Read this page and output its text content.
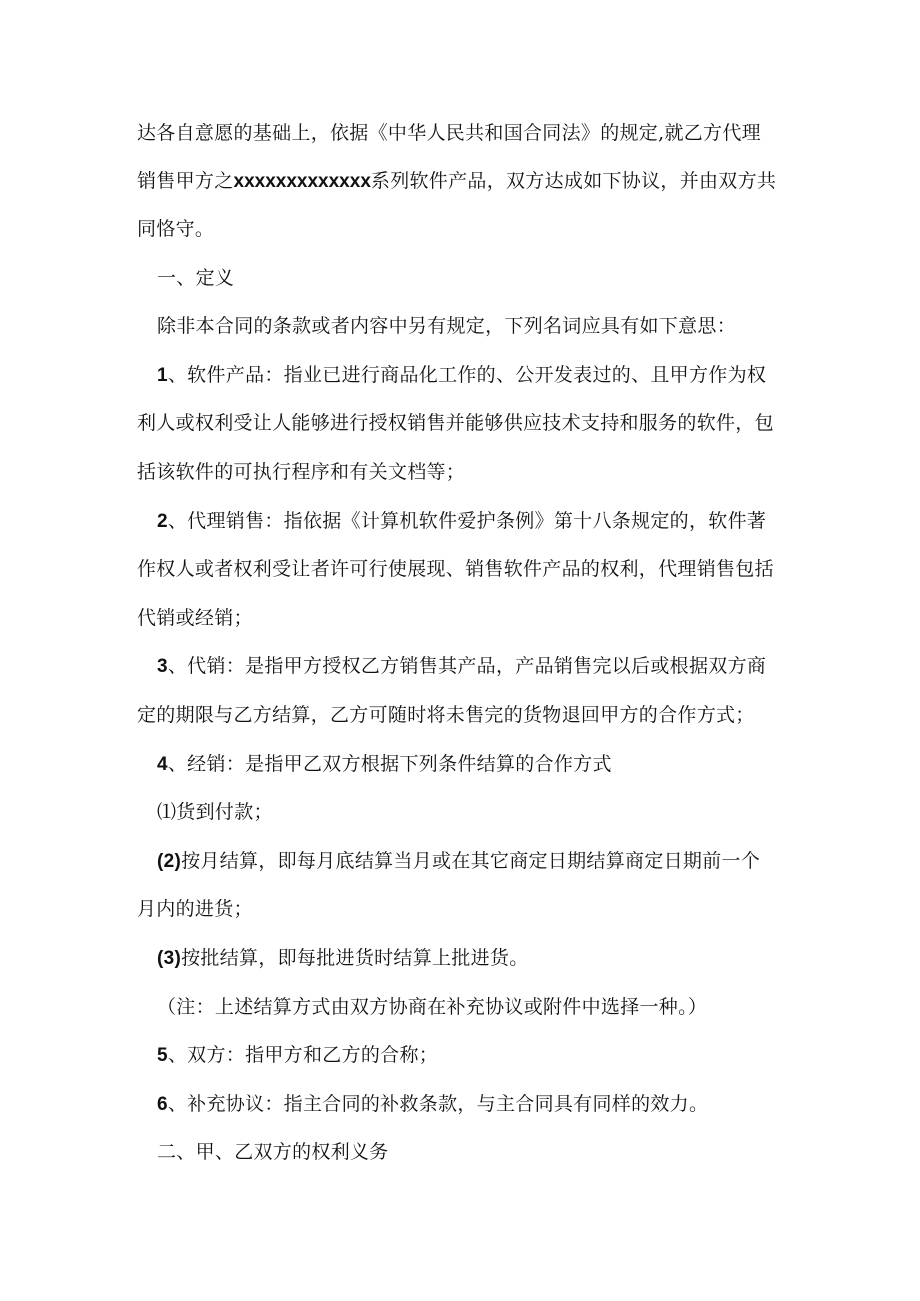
达各自意愿的基础上，依据《中华人民共和国合同法》的规定,就乙方代理
销售甲方之xxxxxxxxxxxxx系列软件产品，双方达成如下协议，并由双方共
同恪守。
一、定义
除非本合同的条款或者内容中另有规定，下列名词应具有如下意思：
1、软件产品：指业已进行商品化工作的、公开发表过的、且甲方作为权
利人或权利受让人能够进行授权销售并能够供应技术支持和服务的软件，包
括该软件的可执行程序和有关文档等；
2、代理销售：指依据《计算机软件爱护条例》第十八条规定的，软件著
作权人或者权利受让者许可行使展现、销售软件产品的权利，代理销售包括
代销或经销；
3、代销：是指甲方授权乙方销售其产品，产品销售完以后或根据双方商
定的期限与乙方结算，乙方可随时将未售完的货物退回甲方的合作方式；
4、经销：是指甲乙双方根据下列条件结算的合作方式
⑴货到付款；
(2)按月结算，即每月底结算当月或在其它商定日期结算商定日期前一个
月内的进货；
(3)按批结算，即每批进货时结算上批进货。
（注：上述结算方式由双方协商在补充协议或附件中选择一种。）
5、双方：指甲方和乙方的合称；
6、补充协议：指主合同的补救条款，与主合同具有同样的效力。
二、甲、乙双方的权利义务
